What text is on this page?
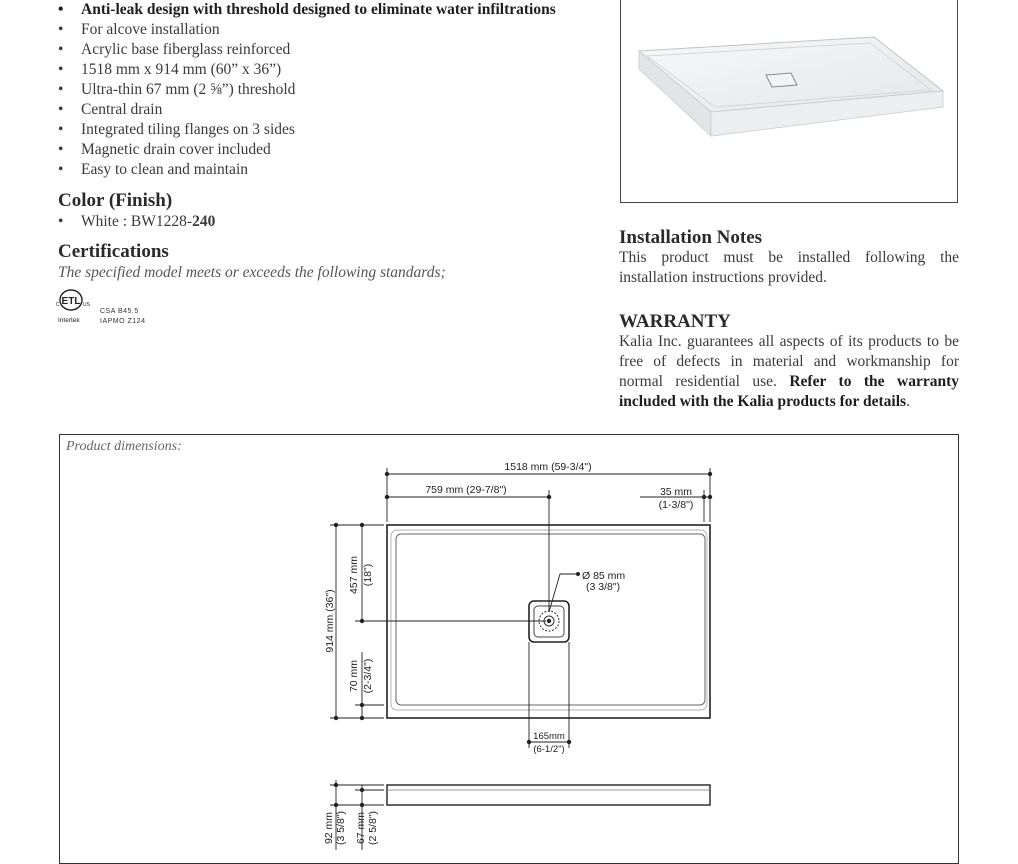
• Anti-leak design with threshold designed to eliminate water infiltrations
• For alcove installation
• Acrylic base fiberglass reinforced
• 1518 mm x 914 mm (60” x 36”)
• Ultra-thin 67 mm (2 ⅝”) threshold
• Central drain
• Integrated tiling flanges on 3 sides
• Magnetic drain cover included
• Easy to clean and maintain
Color (Finish)
• White : BW1228-240
Certifications
The specified model meets or exceeds the following standards;
ETL
C	US
Intertek
CSA B45.5
IAPMO Z124
Installation Notes
This product must be installed following the installation instructions provided.
WARRANTY
Kalia Inc. guarantees all aspects of its products to be free of defects in material and workmanship for normal residential use. Refer to the warranty included with the Kalia products for details.
Product dimensions:
1518 mm (59-3/4")
759 mm (29-7/8")	35 mm
(1-3/8")
Ø 85 mm
(3 3/8")
165mm
(6-1/2")
914 mm (36")
457 mm (18")
70 mm (2-3/4")
92 mm (3 5/8") 67 mm (2 5/8")
